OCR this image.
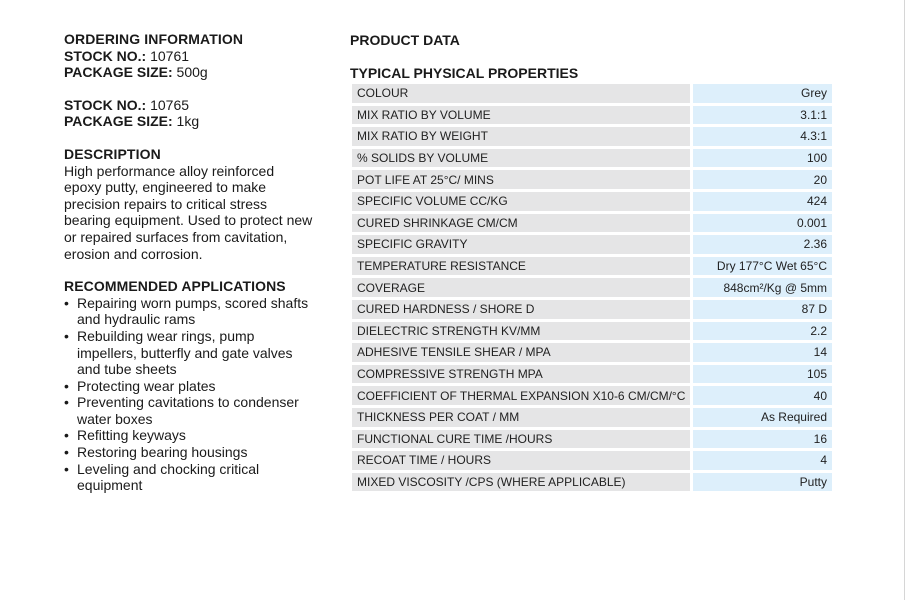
ORDERING INFORMATION
STOCK NO.: 10761
PACKAGE SIZE: 500g
STOCK NO.: 10765
PACKAGE SIZE: 1kg
DESCRIPTION

High performance alloy reinforced epoxy putty, engineered to make precision repairs to critical stress bearing equipment. Used to protect new or repaired surfaces from cavitation, erosion and corrosion.

RECOMMENDED APPLICATIONS
• Repairing worn pumps, scored shafts and hydraulic rams
• Rebuilding wear rings, pump impellers, butterfly and gate valves and tube sheets
• Protecting wear plates
• Preventing cavitations to condenser water boxes
• Refitting keyways
• Restoring bearing housings
• Leveling and chocking critical equipment
PRODUCT DATA
TYPICAL PHYSICAL PROPERTIES
COLOUR	Grey
MIX RATIO BY VOLUME	3.1:1
MIX RATIO BY WEIGHT	4.3:1
% SOLIDS BY VOLUME	100
POT LIFE AT 25°C/ MINS	20
SPECIFIC VOLUME CC/KG	424
CURED SHRINKAGE CM/CM	0.001
SPECIFIC GRAVITY	2.36
TEMPERATURE RESISTANCE	Dry 177°C Wet 65°C
COVERAGE	848cm²/Kg @ 5mm
CURED HARDNESS / SHORE D	87 D
DIELECTRIC STRENGTH KV/MM	2.2
ADHESIVE TENSILE SHEAR / MPA	14
COMPRESSIVE STRENGTH MPA	105
COEFFICIENT OF THERMAL EXPANSION X10-6 CM/CM/°C	40
THICKNESS PER COAT / MM	As Required
FUNCTIONAL CURE TIME /HOURS	16
RECOAT TIME / HOURS	4
MIXED VISCOSITY /CPS (WHERE APPLICABLE)	Putty
